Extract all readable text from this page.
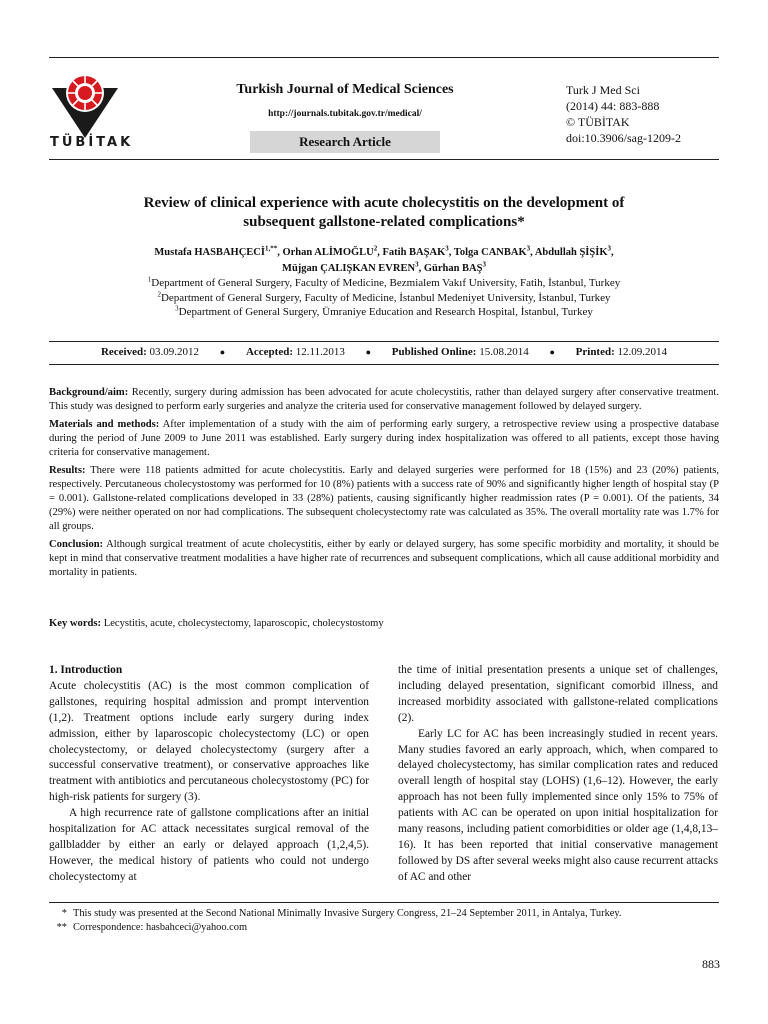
TÜBİTAK
Turkish Journal of Medical Sciences
http://journals.tubitak.gov.tr/medical/
Research Article
Turk J Med Sci
(2014) 44: 883-888
© TÜBİTAK
doi:10.3906/sag-1209-2
Review of clinical experience with acute cholecystitis on the development of
subsequent gallstone-related complications*
Mustafa $HASBAHÇECİ^{1,**}$, Orhan ALİMOĞLU$^2$, Fatih BAŞAK$^3$, Tolga CANBAK$^3$, Abdullah ŞİŞİK$^3$,
Müjgan ÇALIŞKAN EVREN$^3$, Gürhan BAŞ$^3$
$^1$Department of General Surgery, Faculty of Medicine, Bezmialem Vakıf University, Fatih, İstanbul, Turkey
$^2$Department of General Surgery, Faculty of Medicine, İstanbul Medeniyet University, İstanbul, Turkey
$^3$Department of General Surgery, Ümraniye Education and Research Hospital, İstanbul, Turkey
Received: 03.09.2012 ● Accepted: 12.11.2013 ● Published Online: 15.08.2014 ● Printed: 12.09.2014

Background/aim: Recently, surgery during admission has been advocated for acute cholecystitis, rather than delayed surgery after conservative treatment. This study was designed to perform early surgeries and analyze the criteria used for conservative management followed by delayed surgery.

Materials and methods: After implementation of a study with the aim of performing early surgery, a retrospective review using a prospective database during the period of June 2009 to June 2011 was established. Early surgery during index hospitalization was offered to all patients, except those having criteria for conservative management.

Results: There were 118 patients admitted for acute cholecystitis. Early and delayed surgeries were performed for 18 (15%) and 23 (20%) patients, respectively. Percutaneous cholecystostomy was performed for 10 (8%) patients with a success rate of 90% and significantly higher length of hospital stay (P = 0.001). Gallstone-related complications developed in 33 (28%) patients, causing significantly higher readmission rates (P = 0.001). Of the patients, 34 (29%) were neither operated on nor had complications. The subsequent cholecystectomy rate was calculated as 35%. The overall mortality rate was 1.7% for all groups.

Conclusion: Although surgical treatment of acute cholecystitis, either by early or delayed surgery, has some specific morbidity and mortality, it should be kept in mind that conservative treatment modalities a have higher rate of recurrences and subsequent complications, which all cause additional morbidity and mortality in patients.

Key words: Lecystitis, acute, cholecystectomy, laparoscopic, cholecystostomy

1. Introduction

Acute cholecystitis (AC) is the most common complication of gallstones, requiring hospital admission and prompt intervention (1,2). Treatment options include early surgery during index admission, either by laparoscopic cholecystectomy (LC) or open cholecystectomy, or delayed cholecystectomy (surgery after a successful conservative treatment), or conservative approaches like treatment with antibiotics and percutaneous cholecystostomy (PC) for high-risk patients for surgery (3).

A high recurrence rate of gallstone complications after an initial hospitalization for AC attack necessitates surgical removal of the gallbladder by either an early or delayed approach (1,2,4,5). However, the medical history of patients who could not undergo cholecystectomy at

the time of initial presentation presents a unique set of challenges, including delayed presentation, significant comorbid illness, and increased morbidity associated with gallstone-related complications (2).

Early LC for AC has been increasingly studied in recent years. Many studies favored an early approach, which, when compared to delayed cholecystectomy, has similar complication rates and reduced overall length of hospital stay (LOHS) (1,6–12). However, the early approach has not been fully implemented since only 15% to 75% of patients with AC can be operated on upon initial hospitalization for many reasons, including patient comorbidities or older age (1,4,8,13–16). It has been reported that initial conservative management followed by DS after several weeks might also cause recurrent attacks of AC and other

* This study was presented at the Second National Minimally Invasive Surgery Congress, 21–24 September 2011, in Antalya, Turkey.
** Correspondence: hasbahceci@yahoo.com
883
